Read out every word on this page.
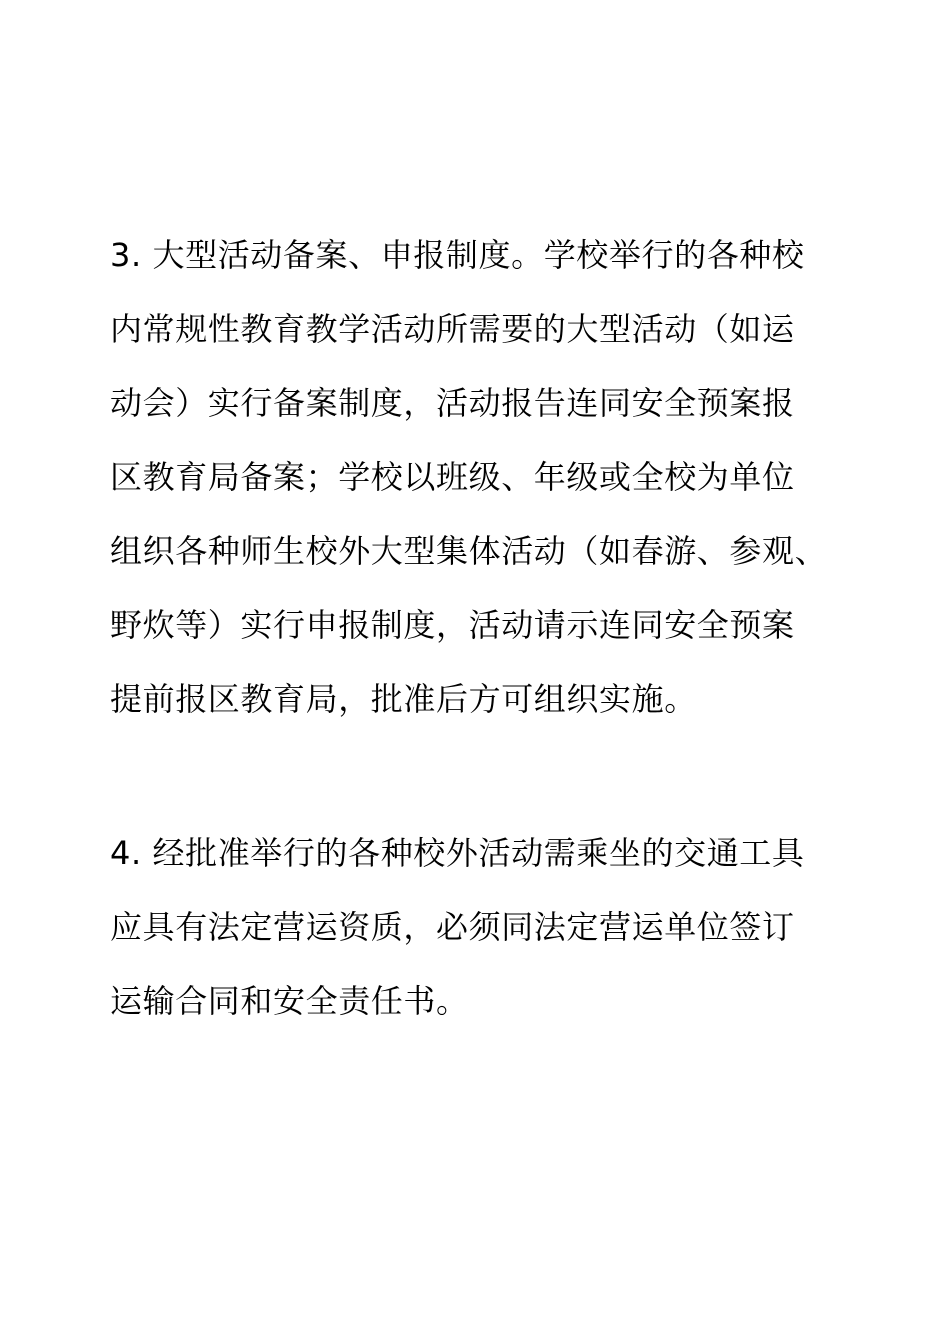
3. 大型活动备案、申报制度。学校举行的各种校
内常规性教育教学活动所需要的大型活动（如运
动会）实行备案制度，活动报告连同安全预案报
区教育局备案；学校以班级、年级或全校为单位
组织各种师生校外大型集体活动（如春游、参观、
野炊等）实行申报制度，活动请示连同安全预案
提前报区教育局，批准后方可组织实施。
4. 经批准举行的各种校外活动需乘坐的交通工具
应具有法定营运资质，必须同法定营运单位签订
运输合同和安全责任书。
